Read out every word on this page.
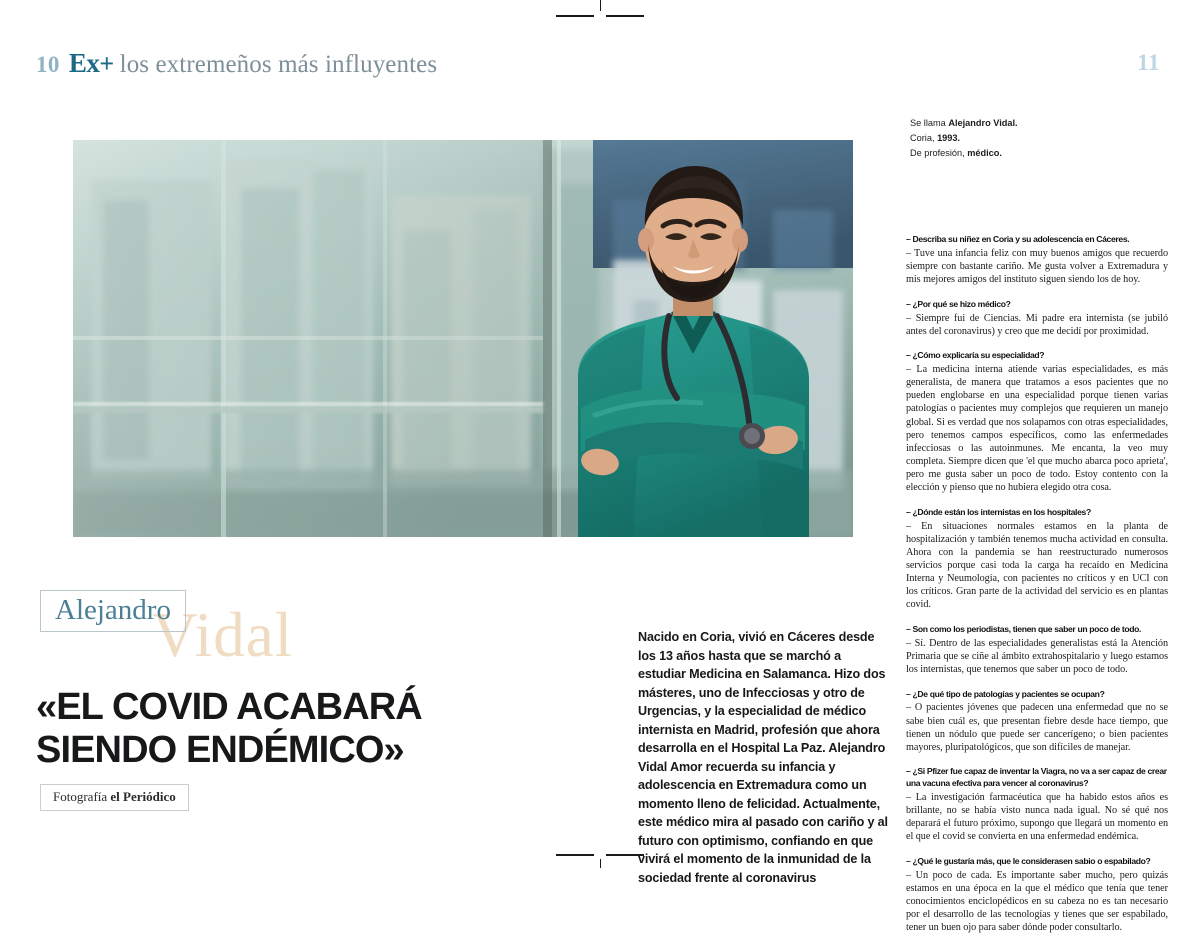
10 Ex+ los extremeños más influyentes	11
Vidal
Alejandro
«EL COVID ACABARÁ
SIENDO ENDÉMICO»
Fotografía el Periódico
Nacido en Coria, vivió en Cáceres desde los 13 años hasta que se marchó a estudiar Medicina en Salamanca. Hizo dos másteres, uno de Infecciosas y otro de Urgencias, y la especialidad de médico internista en Madrid, profesión que ahora desarrolla en el Hospital La Paz. Alejandro Vidal Amor recuerda su infancia y adolescencia en Extremadura como un momento lleno de felicidad. Actualmente, este médico mira al pasado con cariño y al futuro con optimismo, confiando en que vivirá el momento de la inmunidad de la sociedad frente al coronavirus
Se llama Alejandro Vidal.
Coria, 1993.
De profesión, médico.
– Describa su niñez en Coria y su adolescencia en Cáceres.
– Tuve una infancia feliz con muy buenos amigos que recuerdo siempre con bastante cariño. Me gusta volver a Extremadura y mis mejores amigos del instituto siguen siendo los de hoy.
– ¿Por qué se hizo médico?
– Siempre fui de Ciencias. Mi padre era internista (se jubiló antes del coronavirus) y creo que me decidí por proximidad.
– ¿Cómo explicaría su especialidad?
– La medicina interna atiende varias especialidades, es más generalista, de manera que tratamos a esos pacientes que no pueden englobarse en una especialidad porque tienen varias patologías o pacientes muy complejos que requieren un manejo global. Si es verdad que nos solapamos con otras especialidades, pero tenemos campos específicos, como las enfermedades infecciosas o las autoinmunes. Me encanta, la veo muy completa. Siempre dicen que 'el que mucho abarca poco aprieta', pero me gusta saber un poco de todo. Estoy contento con la elección y pienso que no hubiera elegido otra cosa.
– ¿Dónde están los internistas en los hospitales?
– En situaciones normales estamos en la planta de hospitalización y también tenemos mucha actividad en consulta. Ahora con la pandemia se han reestructurado numerosos servicios porque casi toda la carga ha recaído en Medicina Interna y Neumología, con pacientes no críticos y en UCI con los críticos. Gran parte de la actividad del servicio es en plantas covid.
– Son como los periodistas, tienen que saber un poco de todo.
– Sí. Dentro de las especialidades generalistas está la Atención Primaria que se ciñe al ámbito extrahospitalario y luego estamos los internistas, que tenemos que saber un poco de todo.
– ¿De qué tipo de patologías y pacientes se ocupan?
– O pacientes jóvenes que padecen una enfermedad que no se sabe bien cuál es, que presentan fiebre desde hace tiempo, que tienen un nódulo que puede ser cancerígeno; o bien pacientes mayores, pluripatológicos, que son difíciles de manejar.
– ¿Si Pfizer fue capaz de inventar la Viagra, no va a ser capaz de crear una vacuna efectiva para vencer al coronavirus?
– La investigación farmacéutica que ha habido estos años es brillante, no se había visto nunca nada igual. No sé qué nos deparará el futuro próximo, supongo que llegará un momento en el que el covid se convierta en una enfermedad endémica.
– ¿Qué le gustaría más, que le considerasen sabio o espabilado?
– Un poco de cada. Es importante saber mucho, pero quizás estamos en una época en la que el médico que tenía que tener conocimientos enciclopédicos en su cabeza no es tan necesario por el desarrollo de las tecnologías y tienes que ser espabilado, tener un buen ojo para saber dónde poder consultarlo.
